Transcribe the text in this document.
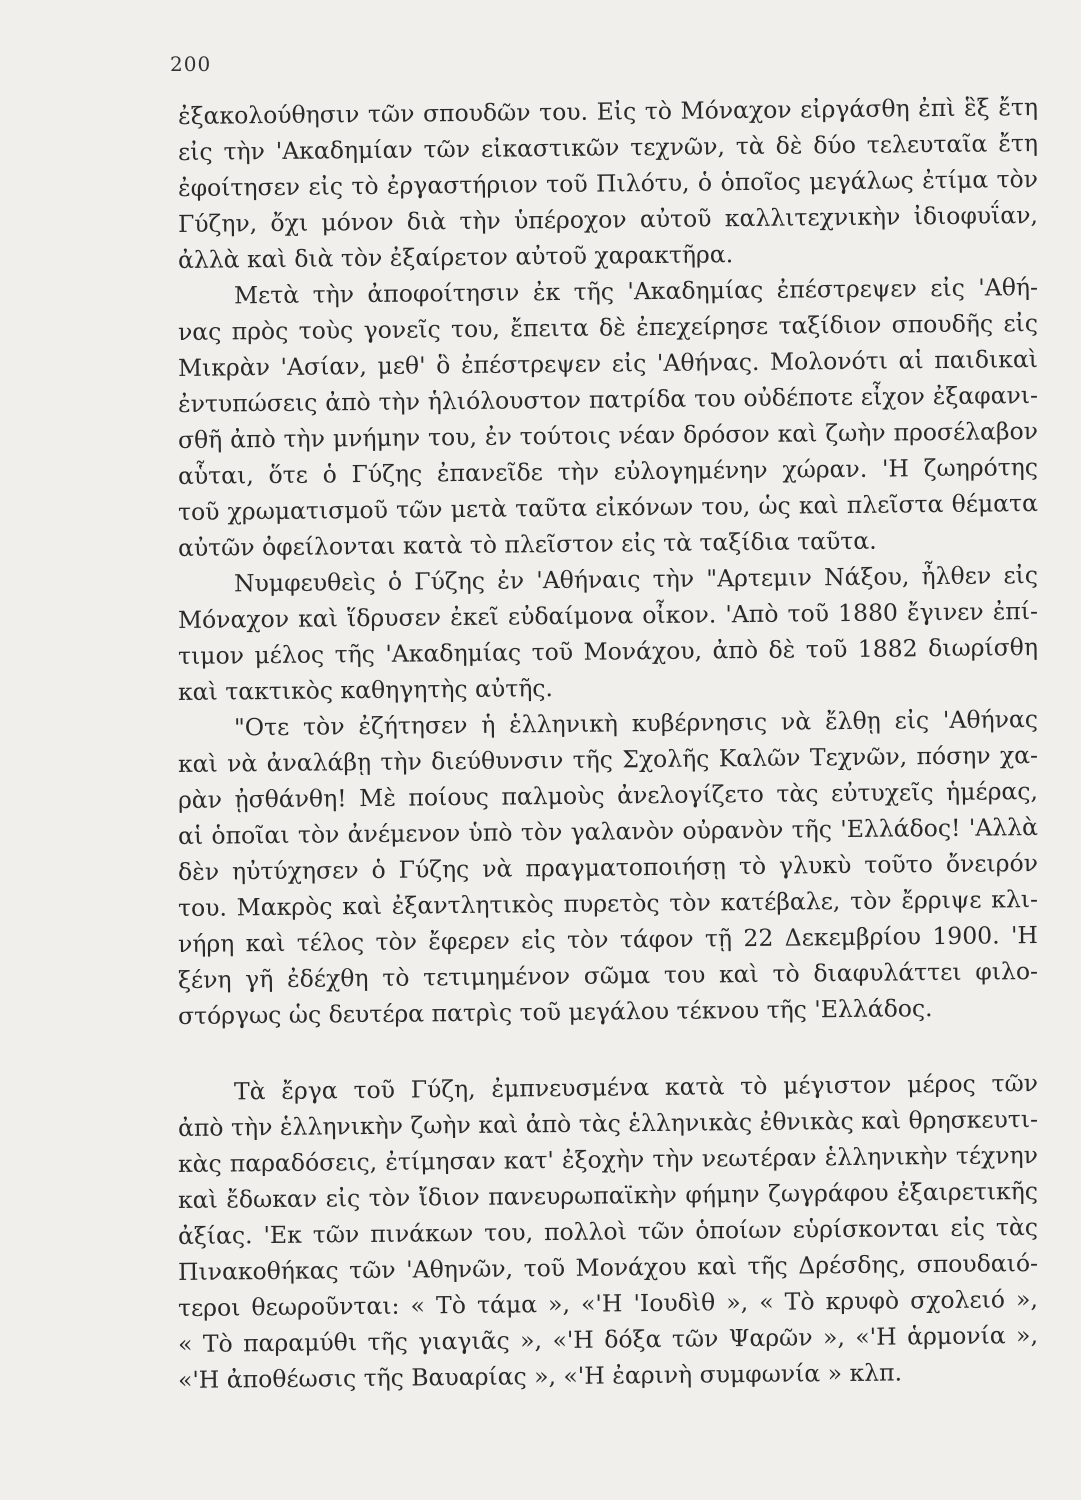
200
ἐξακολούθησιν τῶν σπουδῶν του. Εἰς τὸ Μόναχον εἰργάσθη ἐπὶ ἓξ ἔτη
εἰς τὴν 'Ακαδημίαν τῶν εἰκαστικῶν τεχνῶν, τὰ δὲ δύο τελευταῖα ἔτη
ἐφοίτησεν εἰς τὸ ἐργαστήριον τοῦ Πιλότυ, ὁ ὁποῖος μεγάλως ἐτίμα τὸν
Γύζην, ὄχι μόνον διὰ τὴν ὑπέροχον αὐτοῦ καλλιτεχνικὴν ἰδιοφυΐαν,
ἀλλὰ καὶ διὰ τὸν ἐξαίρετον αὐτοῦ χαρακτῆρα.
Μετὰ τὴν ἀποφοίτησιν ἐκ τῆς 'Ακαδημίας ἐπέστρεψεν εἰς 'Αθή-
νας πρὸς τοὺς γονεῖς του, ἔπειτα δὲ ἐπεχείρησε ταξίδιον σπουδῆς εἰς
Μικρὰν 'Ασίαν, μεθ' ὃ ἐπέστρεψεν εἰς 'Αθήνας. Μολονότι αἱ παιδικαὶ
ἐντυπώσεις ἀπὸ τὴν ἡλιόλουστον πατρίδα του οὐδέποτε εἶχον ἐξαφανι-
σθῆ ἀπὸ τὴν μνήμην του, ἐν τούτοις νέαν δρόσον καὶ ζωὴν προσέλαβον
αὗται, ὅτε ὁ Γύζης ἐπανεῖδε τὴν εὐλογημένην χώραν. 'Η ζωηρότης
τοῦ χρωματισμοῦ τῶν μετὰ ταῦτα εἰκόνων του, ὡς καὶ πλεῖστα θέματα
αὐτῶν ὀφείλονται κατὰ τὸ πλεῖστον εἰς τὰ ταξίδια ταῦτα.
Νυμφευθεὶς ὁ Γύζης ἐν 'Αθήναις τὴν "Αρτεμιν Νάξου, ἦλθεν εἰς
Μόναχον καὶ ἵδρυσεν ἐκεῖ εὐδαίμονα οἶκον. 'Απὸ τοῦ 1880 ἔγινεν ἐπί-
τιμον μέλος τῆς 'Ακαδημίας τοῦ Μονάχου, ἀπὸ δὲ τοῦ 1882 διωρίσθη
καὶ τακτικὸς καθηγητὴς αὐτῆς.
"Οτε τὸν ἐζήτησεν ἡ ἑλληνικὴ κυβέρνησις νὰ ἔλθῃ εἰς 'Αθήνας
καὶ νὰ ἀναλάβῃ τὴν διεύθυνσιν τῆς Σχολῆς Καλῶν Τεχνῶν, πόσην χα-
ρὰν ᾐσθάνθη! Μὲ ποίους παλμοὺς ἀνελογίζετο τὰς εὐτυχεῖς ἡμέρας,
αἱ ὁποῖαι τὸν ἀνέμενον ὑπὸ τὸν γαλανὸν οὐρανὸν τῆς 'Ελλάδος! 'Αλλὰ
δὲν ηὐτύχησεν ὁ Γύζης νὰ πραγματοποιήσῃ τὸ γλυκὺ τοῦτο ὄνειρόν
του. Μακρὸς καὶ ἐξαντλητικὸς πυρετὸς τὸν κατέβαλε, τὸν ἔρριψε κλι-
νήρη καὶ τέλος τὸν ἔφερεν εἰς τὸν τάφον τῇ 22 Δεκεμβρίου 1900. 'Η
ξένη γῆ ἐδέχθη τὸ τετιμημένον σῶμα του καὶ τὸ διαφυλάττει φιλο-
στόργως ὡς δευτέρα πατρὶς τοῦ μεγάλου τέκνου τῆς 'Ελλάδος.
Τὰ ἔργα τοῦ Γύζη, ἐμπνευσμένα κατὰ τὸ μέγιστον μέρος τῶν
ἀπὸ τὴν ἑλληνικὴν ζωὴν καὶ ἀπὸ τὰς ἑλληνικὰς ἐθνικὰς καὶ θρησκευτι-
κὰς παραδόσεις, ἐτίμησαν κατ' ἐξοχὴν τὴν νεωτέραν ἑλληνικὴν τέχνην
καὶ ἔδωκαν εἰς τὸν ἴδιον πανευρωπαϊκὴν φήμην ζωγράφου ἐξαιρετικῆς
ἀξίας. 'Εκ τῶν πινάκων του, πολλοὶ τῶν ὁποίων εὑρίσκονται εἰς τὰς
Πινακοθήκας τῶν 'Αθηνῶν, τοῦ Μονάχου καὶ τῆς Δρέσδης, σπουδαιό-
τεροι θεωροῦνται: « Τὸ τάμα », «'Η 'Ιουδὶθ », « Τὸ κρυφὸ σχολειό »,
« Τὸ παραμύθι τῆς γιαγιᾶς », «'Η δόξα τῶν Ψαρῶν », «'Η ἁρμονία »,
«'Η ἀποθέωσις τῆς Βαυαρίας », «'Η ἐαρινὴ συμφωνία » κλπ.
